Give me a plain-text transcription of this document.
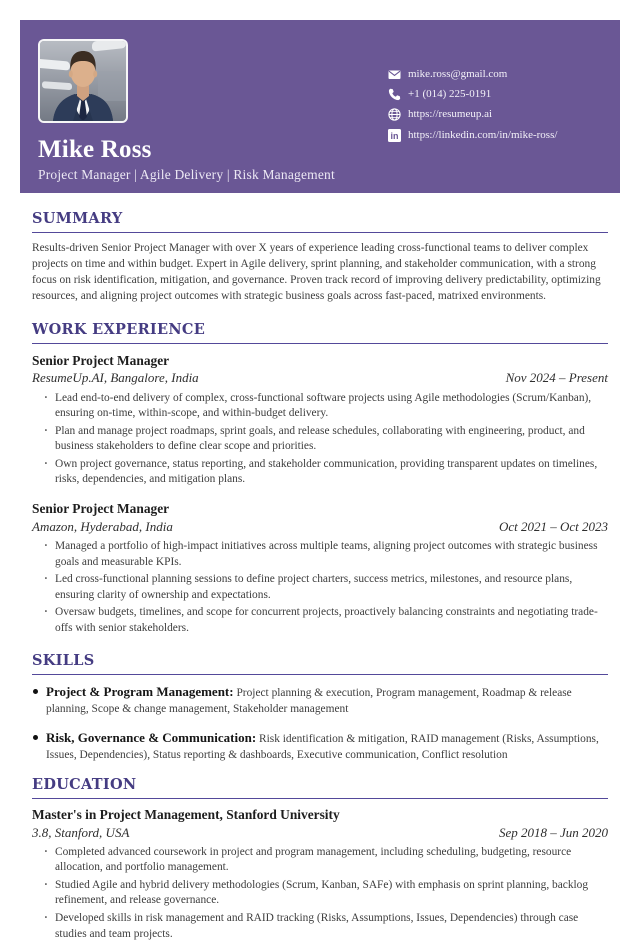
mike.ross@gmail.com
+1 (014) 225-0191
https://resumeup.ai
in https://linkedin.com/in/mike-ross/
Mike Ross
Project Manager | Agile Delivery | Risk Management
SUMMARY

Results-driven Senior Project Manager with over X years of experience leading cross-functional teams to deliver complex projects on time and within budget. Expert in Agile delivery, sprint planning, and stakeholder communication, with a strong focus on risk identification, mitigation, and governance. Proven track record of improving delivery predictability, optimizing resources, and aligning project outcomes with strategic business goals across fast-paced, matrixed environments.

WORK EXPERIENCE
Senior Project Manager
ResumeUp.AI, Bangalore, India	Nov 2024 – Present
· Lead end-to-end delivery of complex, cross-functional software projects using Agile methodologies (Scrum/Kanban), ensuring on-time, within-scope, and within-budget delivery.
· Plan and manage project roadmaps, sprint goals, and release schedules, collaborating with engineering, product, and business stakeholders to define clear scope and priorities.
· Own project governance, status reporting, and stakeholder communication, providing transparent updates on timelines, risks, dependencies, and mitigation plans.
Senior Project Manager
Amazon, Hyderabad, India	Oct 2021 – Oct 2023
· Managed a portfolio of high-impact initiatives across multiple teams, aligning project outcomes with strategic business goals and measurable KPIs.
· Led cross-functional planning sessions to define project charters, success metrics, milestones, and resource plans, ensuring clarity of ownership and expectations.
· Oversaw budgets, timelines, and scope for concurrent projects, proactively balancing constraints and negotiating trade-offs with senior stakeholders.
SKILLS
Project & Program Management: Project planning & execution, Program management, Roadmap & release planning, Scope & change management, Stakeholder management
Risk, Governance & Communication: Risk identification & mitigation, RAID management (Risks, Assumptions, Issues, Dependencies), Status reporting & dashboards, Executive communication, Conflict resolution
EDUCATION
Master's in Project Management, Stanford University
3.8, Stanford, USA	Sep 2018 – Jun 2020
· Completed advanced coursework in project and program management, including scheduling, budgeting, resource allocation, and portfolio management.
· Studied Agile and hybrid delivery methodologies (Scrum, Kanban, SAFe) with emphasis on sprint planning, backlog refinement, and release governance.
· Developed skills in risk management and RAID tracking (Risks, Assumptions, Issues, Dependencies) through case studies and team projects.
